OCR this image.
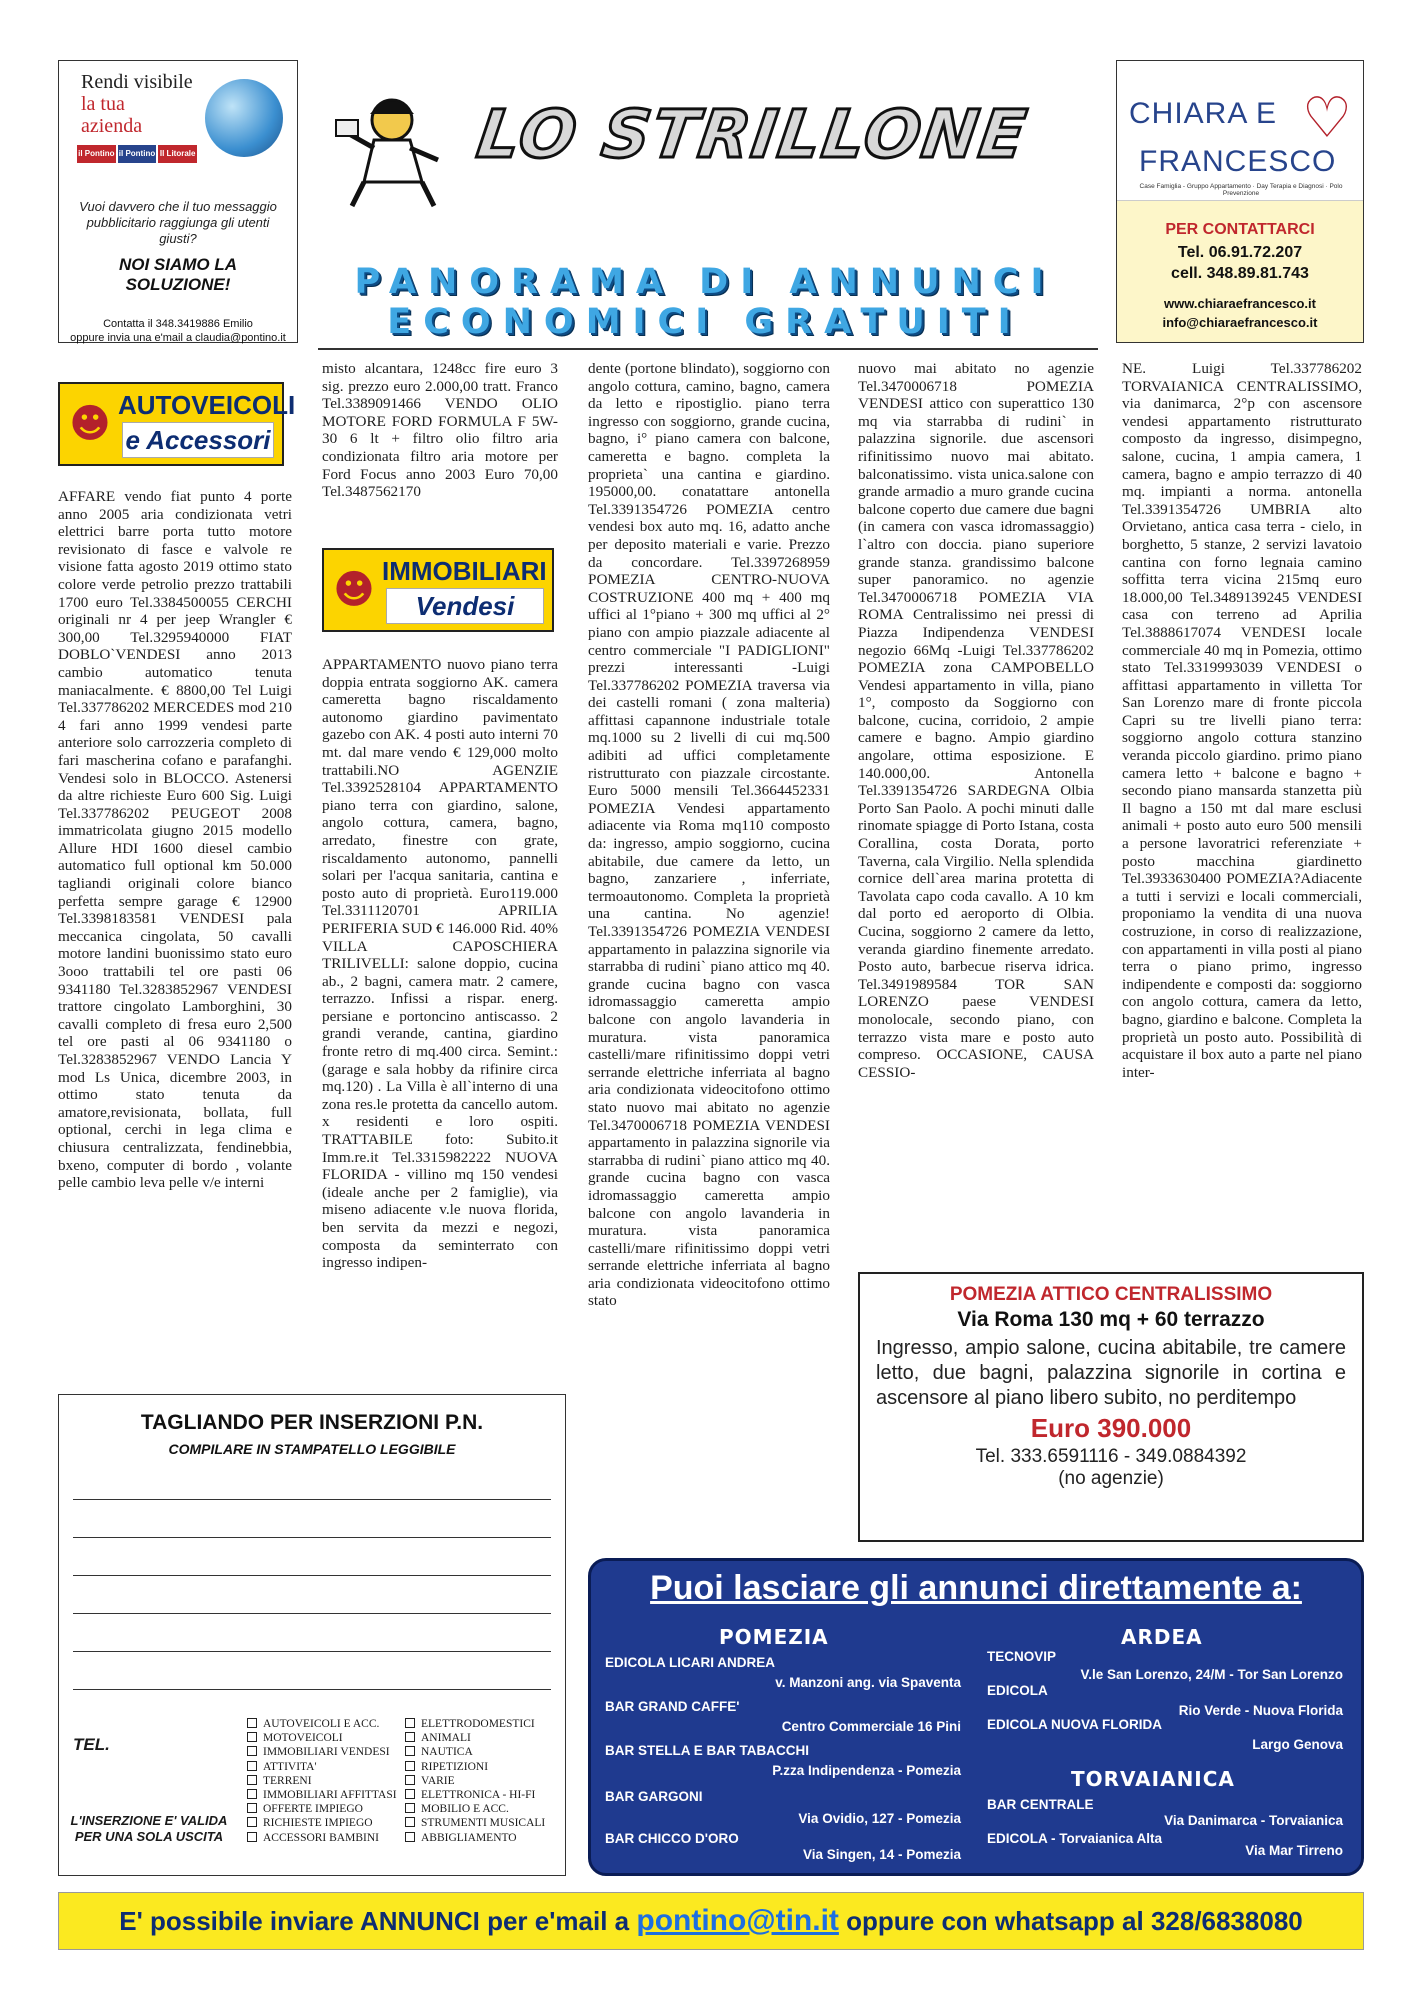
Rendi visibile
la tua
azienda
il Pontino il Pontino Il Litorale
Vuoi davvero che il tuo messaggio pubblicitario raggiunga gli utenti giusti?
NOI SIAMO LA SOLUZIONE!
Contatta il 348.3419886 Emilio
oppure invia una e'mail a claudia@pontino.it
LO STRILLONE
PANORAMA DI ANNUNCI
ECONOMICI GRATUITI
CHIARA E
FRANCESCO
♡
Case Famiglia - Gruppo Appartamento · Day Terapia e Diagnosi · Polo Prevenzione
PER CONTATTARCI
Tel. 06.91.72.207
cell. 348.89.81.743
www.chiaraefrancesco.it
info@chiaraefrancesco.it
☻ AUTOVEICOLI
e Accessori
☻ IMMOBILIARI
Vendesi

AFFARE vendo fiat punto 4 porte anno 2005 aria condizionata vetri elettrici barre porta tutto motore revisionato di fasce e valvole re visione fatta agosto 2019 ottimo stato colore verde petrolio prezzo trattabili 1700 euro Tel.3384500055 CERCHI originali nr 4 per jeep Wrangler € 300,00 Tel.3295940000 FIAT DOBLO`VENDESI anno 2013 cambio automatico tenuta maniacalmente. € 8800,00 Tel Luigi Tel.337786202 MERCEDES mod 210 4 fari anno 1999 vendesi parte anteriore solo carrozzeria completo di fari mascherina cofano e parafanghi. Vendesi solo in BLOCCO. Astenersi da altre richieste Euro 600 Sig. Luigi Tel.337786202 PEUGEOT 2008 immatricolata giugno 2015 modello Allure HDI 1600 diesel cambio automatico full optional km 50.000 tagliandi originali colore bianco perfetta sempre garage € 12900 Tel.3398183581 VENDESI pala meccanica cingolata, 50 cavalli motore landini buonissimo stato euro 3ooo trattabili tel ore pasti 06 9341180 Tel.3283852967 VENDESI trattore cingolato Lamborghini, 30 cavalli completo di fresa euro 2,500 tel ore pasti al 06 9341180 o Tel.3283852967 VENDO Lancia Y mod Ls Unica, dicembre 2003, in ottimo stato tenuta da amatore,revisionata, bollata, full optional, cerchi in lega clima e chiusura centralizzata, fendinebbia, bxeno, computer di bordo , volante pelle cambio leva pelle v/e interni

misto alcantara, 1248cc fire euro 3 sig. prezzo euro 2.000,00 tratt. Franco Tel.3389091466 VENDO OLIO MOTORE FORD FORMULA F 5W-30 6 lt + filtro olio filtro aria condizionata filtro aria motore per Ford Focus anno 2003 Euro 70,00 Tel.3487562170

APPARTAMENTO nuovo piano terra doppia entrata soggiorno AK. camera cameretta bagno riscaldamento autonomo giardino pavimentato gazebo con AK. 4 posti auto interni 70 mt. dal mare vendo € 129,000 molto trattabili.NO AGENZIE Tel.3392528104 APPARTAMENTO piano terra con giardino, salone, angolo cottura, camera, bagno, arredato, finestre con grate, riscaldamento autonomo, pannelli solari per l'acqua sanitaria, cantina e posto auto di proprietà. Euro119.000 Tel.3311120701 APRILIA PERIFERIA SUD € 146.000 Rid. 40% VILLA CAPOSCHIERA TRILIVELLI: salone doppio, cucina ab., 2 bagni, camera matr. 2 camere, terrazzo. Infissi a rispar. energ. persiane e portoncino antiscasso. 2 grandi verande, cantina, giardino fronte retro di mq.400 circa. Semint.: (garage e sala hobby da rifinire circa mq.120) . La Villa è all`interno di una zona res.le protetta da cancello autom. x residenti e loro ospiti. TRATTABILE foto: Subito.it Imm.re.it Tel.3315982222 NUOVA FLORIDA - villino mq 150 vendesi (ideale anche per 2 famiglie), via misenо adiacente v.le nuova florida, ben servita da mezzi e negozi, composta da seminterrato con ingresso indipen-

dente (portone blindato), soggiorno con angolo cottura, camino, bagno, camera da letto e ripostiglio. piano terra ingresso con soggiorno, grande cucina, bagno, i° piano camera con balcone, cameretta e bagno. completa la proprieta` una cantina e giardino. 195000,00. conatattare antonella Tel.3391354726 POMEZIA centro vendesi box auto mq. 16, adatto anche per deposito materiali e varie. Prezzo da concordare. Tel.3397268959 POMEZIA CENTRO-NUOVA COSTRUZIONE 400 mq + 400 mq uffici al 1°piano + 300 mq uffici al 2° piano con ampio piazzale adiacente al centro commerciale "I PADIGLIONI" prezzi interessanti -Luigi Tel.337786202 POMEZIA traversa via dei castelli romani ( zona malteria) affittasi capannone industriale totale mq.1000 su 2 livelli di cui mq.500 adibiti ad uffici completamente ristrutturato con piazzale circostante. Euro 5000 mensili Tel.3664452331 POMEZIA Vendesi appartamento adiacente via Roma mq110 composto da: ingresso, ampio soggiorno, cucina abitabile, due camere da letto, un bagno, zanzariere , inferriate, termoautonomo. Completa la proprietà una cantina. No agenzie! Tel.3391354726 POMEZIA VENDESI appartamento in palazzina signorile via starrabba di rudini` piano attico mq 40. grande cucina bagno con vasca idromassaggio cameretta ampio balcone con angolo lavanderia in muratura. vista panoramica castelli/mare rifinitissimo doppi vetri serrande elettriche inferriata al bagno aria condizionata videocitofono ottimo stato nuovo mai abitato no agenzie Tel.3470006718 POMEZIA VENDESI appartamento in palazzina signorile via starrabba di rudini` piano attico mq 40. grande cucina bagno con vasca idromassaggio cameretta ampio balcone con angolo lavanderia in muratura. vista panoramica castelli/mare rifinitissimo doppi vetri serrande elettriche inferriata al bagno aria condizionata videocitofono ottimo stato

nuovo mai abitato no agenzie Tel.3470006718 POMEZIA VENDESI attico con superattico 130 mq via starrabba di rudini` in palazzina signorile. due ascensori rifinitissimo nuovo mai abitato. balconatissimo. vista unica.salone con grande armadio a muro grande cucina balcone coperto due camere due bagni (in camera con vasca idromassaggio) l`altro con doccia. piano superiore grande stanza. grandissimo balcone super panoramico. no agenzie Tel.3470006718 POMEZIA VIA ROMA Centralissimo nei pressi di Piazza Indipendenza VENDESI negozio 66Mq -Luigi Tel.337786202 POMEZIA zona CAMPOBELLO Vendesi appartamento in villa, piano 1°, composto da Soggiorno con balcone, cucina, corridoio, 2 ampie camere e bagno. Ampio giardino angolare, ottima esposizione. E 140.000,00. Antonella Tel.3391354726 SARDEGNA Olbia Porto San Paolo. A pochi minuti dalle rinomate spiagge di Porto Istana, costa Corallina, costa Dorata, porto Taverna, cala Virgilio. Nella splendida cornice dell`area marina protetta di Tavolata capo coda cavallo. A 10 km dal porto ed aeroporto di Olbia. Cucina, soggiorno 2 camere da letto, veranda giardino finemente arredato. Posto auto, barbecue riserva idrica. Tel.3491989584 TOR SAN LORENZO paese VENDESI monolocale, secondo piano, con terrazzo vista mare e posto auto compreso. OCCASIONE, CAUSA CESSIO-

NE. Luigi Tel.337786202 TORVAIANICA CENTRALISSIMO, via danimarca, 2°p con ascensore vendesi appartamento ristrutturato composto da ingresso, disimpegno, salone, cucina, 1 ampia camera, 1 camera, bagno e ampio terrazzo di 40 mq. impianti a norma. antonella Tel.3391354726 UMBRIA alto Orvietano, antica casa terra - cielo, in borghetto, 5 stanze, 2 servizi lavatoio cantina con forno legnaia camino soffitta terra vicina 215mq euro 18.000,00 Tel.3489139245 VENDESI casa con terreno ad Aprilia Tel.3888617074 VENDESI locale commerciale 40 mq in Pomezia, ottimo stato Tel.3319993039 VENDESI o affittasi appartamento in villetta Tor San Lorenzo mare di fronte piccola Capri su tre livelli piano terra: soggiorno angolo cottura stanzino veranda piccolo giardino. primo piano camera letto + balcone e bagno + secondo piano mansarda stanzetta più Il bagno a 150 mt dal mare esclusi animali + posto auto euro 500 mensili a persone lavoratrici referenziate + posto macchina giardinetto Tel.3933630400 POMEZIA?Adiacente a tutti i servizi e locali commerciali, proponiamo la vendita di una nuova costruzione, in corso di realizzazione, con appartamenti in villa posti al piano terra o piano primo, ingresso indipendente e composti da: soggiorno con angolo cottura, camera da letto, bagno, giardino e balcone. Completa la proprietà un posto auto. Possibilità di acquistare il box auto a parte nel piano inter-

TAGLIANDO PER INSERZIONI P.N.
COMPILARE IN STAMPATELLO LEGGIBILE
TEL.
L'INSERZIONE E' VALIDA PER UNA SOLA USCITA
AUTOVEICOLI E ACC.
MOTOVEICOLI
IMMOBILIARI VENDESI
ATTIVITA'
TERRENI
IMMOBILIARI AFFITTASI
OFFERTE IMPIEGO
RICHIESTE IMPIEGO
ACCESSORI BAMBINI
ELETTRODOMESTICI
ANIMALI
NAUTICA
RIPETIZIONI
VARIE
ELETTRONICA - HI-FI
MOBILIO E ACC.
STRUMENTI MUSICALI
ABBIGLIAMENTO
POMEZIA ATTICO CENTRALISSIMO
Via Roma 130 mq + 60 terrazzo
Ingresso, ampio salone, cucina abitabile, tre camere letto, due bagni, palazzina signorile in cortina e ascensore al piano libero subito, no perditempo
Euro 390.000
Tel. 333.6591116 - 349.0884392
(no agenzie)
Puoi lasciare gli annunci direttamente a:
POMEZIA
EDICOLA LICARI ANDREA
v. Manzoni ang. via Spaventa
BAR GRAND CAFFE'
Centro Commerciale 16 Pini
BAR STELLA E BAR TABACCHI
P.zza Indipendenza - Pomezia
BAR GARGONI
Via Ovidio, 127 - Pomezia
BAR CHICCO D'ORO
Via Singen, 14 - Pomezia
ARDEA
TECNOVIP
V.le San Lorenzo, 24/M - Tor San Lorenzo
EDICOLA
Rio Verde - Nuova Florida
EDICOLA NUOVA FLORIDA
Largo Genova
TORVAIANICA
BAR CENTRALE
Via Danimarca - Torvaianica
EDICOLA - Torvaianica Alta
Via Mar Tirreno
E' possibile inviare ANNUNCI per e'mail a pontino@tin.it oppure con whatsapp al 328/6838080
